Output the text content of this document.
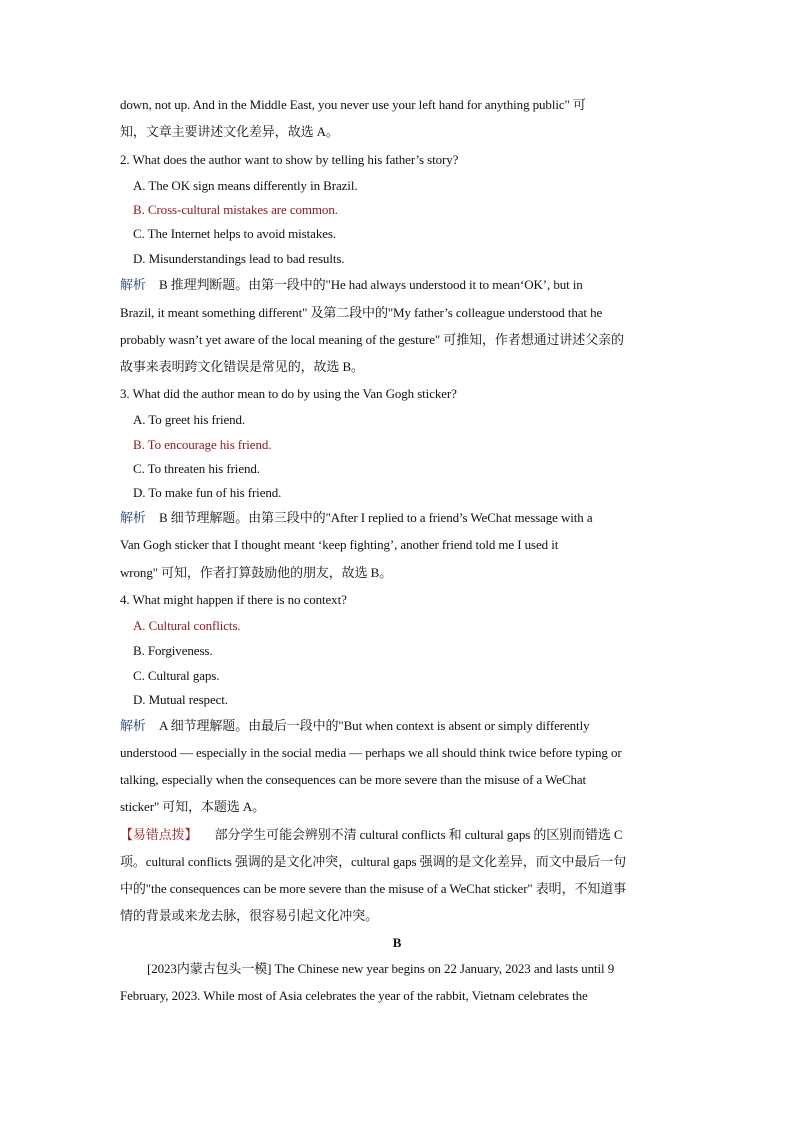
down, not up. And in the Middle East, you never use your left hand for anything public" 可
知，文章主要讲述文化差异，故选 A。
2. What does the author want to show by telling his father’s story?
A. The OK sign means differently in Brazil.
B. Cross-cultural mistakes are common.
C. The Internet helps to avoid mistakes.
D. Misunderstandings lead to bad results.
解析 B 推理判断题。由第一段中的"He had always understood it to mean‘OK’, but in
Brazil, it meant something different" 及第二段中的"My father’s colleague understood that he
probably wasn’t yet aware of the local meaning of the gesture" 可推知，作者想通过讲述父亲的
故事来表明跨文化错误是常见的，故选 B。
3. What did the author mean to do by using the Van Gogh sticker?
A. To greet his friend.
B. To encourage his friend.
C. To threaten his friend.
D. To make fun of his friend.
解析 B 细节理解题。由第三段中的"After I replied to a friend’s WeChat message with a
Van Gogh sticker that I thought meant ‘keep fighting’, another friend told me I used it
wrong" 可知，作者打算鼓励他的朋友，故选 B。
4. What might happen if there is no context?
A. Cultural conflicts.
B. Forgiveness.
C. Cultural gaps.
D. Mutual respect.
解析 A 细节理解题。由最后一段中的"But when context is absent or simply differently
understood — especially in the social media — perhaps we all should think twice before typing or
talking, especially when the consequences can be more severe than the misuse of a WeChat
sticker" 可知，本题选 A。
【易错点拨】 部分学生可能会辨别不清 cultural conflicts 和 cultural gaps 的区别而错选 C
项。cultural conflicts 强调的是文化冲突，cultural gaps 强调的是文化差异，而文中最后一句
中的"the consequences can be more severe than the misuse of a WeChat sticker" 表明，不知道事
情的背景或来龙去脉，很容易引起文化冲突。
B
[2023内蒙古包头一模] The Chinese new year begins on 22 January, 2023 and lasts until 9
February, 2023. While most of Asia celebrates the year of the rabbit, Vietnam celebrates the
